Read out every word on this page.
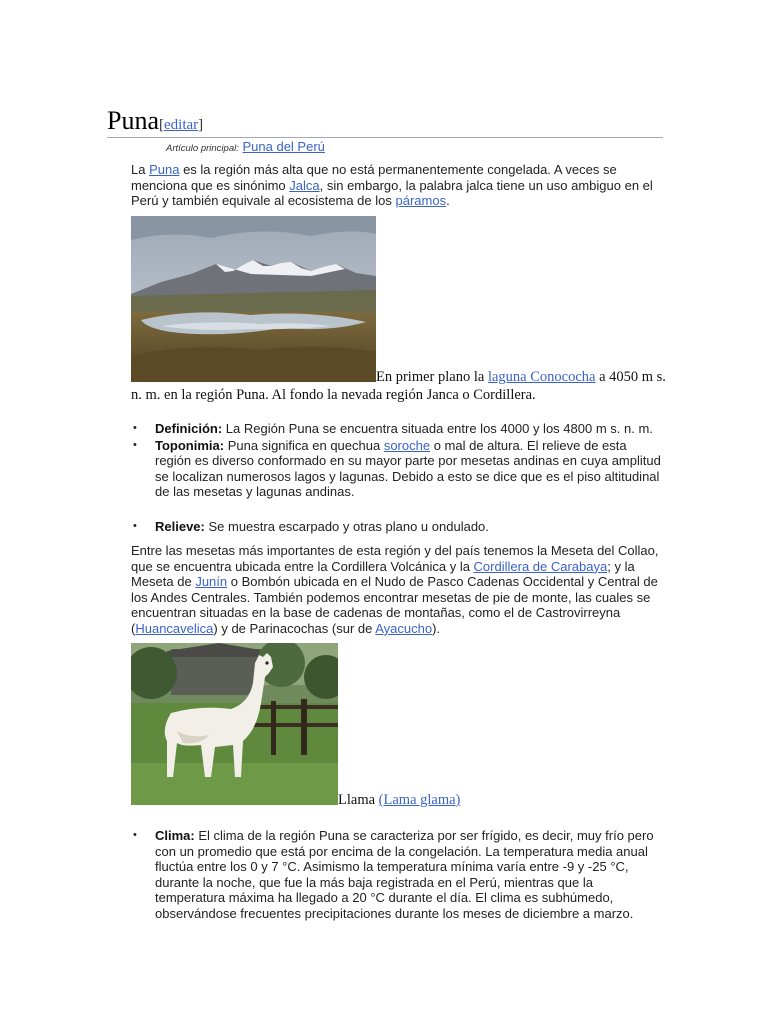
Puna[editar]
Artículo principal: Puna del Perú
La Puna es la región más alta que no está permanentemente congelada. A veces se menciona que es sinónimo Jalca, sin embargo, la palabra jalca tiene un uso ambiguo en el Perú y también equivale al ecosistema de los páramos.
En primer plano la laguna Conococha a 4050 m s. n. m. en la región Puna. Al fondo la nevada región Janca o Cordillera.
• Definición: La Región Puna se encuentra situada entre los 4000 y los 4800 m s. n. m.
• Toponimia: Puna significa en quechua soroche o mal de altura. El relieve de esta región es diverso conformado en su mayor parte por mesetas andinas en cuya amplitud se localizan numerosos lagos y lagunas. Debido a esto se dice que es el piso altitudinal de las mesetas y lagunas andinas.
• Relieve: Se muestra escarpado y otras plano u ondulado.
Entre las mesetas más importantes de esta región y del país tenemos la Meseta del Collao, que se encuentra ubicada entre la Cordillera Volcánica y la Cordillera de Carabaya; y la Meseta de Junín o Bombón ubicada en el Nudo de Pasco Cadenas Occidental y Central de los Andes Centrales. También podemos encontrar mesetas de pie de monte, las cuales se encuentran situadas en la base de cadenas de montañas, como el de Castrovirreyna (Huancavelica) y de Parinacochas (sur de Ayacucho).
Llama (Lama glama)
• Clima: El clima de la región Puna se caracteriza por ser frígido, es decir, muy frío pero con un promedio que está por encima de la congelación. La temperatura media anual fluctúa entre los 0 y 7 °C. Asimismo la temperatura mínima varía entre -9 y -25 °C, durante la noche, que fue la más baja registrada en el Perú, mientras que la temperatura máxima ha llegado a 20 °C durante el día. El clima es subhúmedo, observándose frecuentes precipitaciones durante los meses de diciembre a marzo.
